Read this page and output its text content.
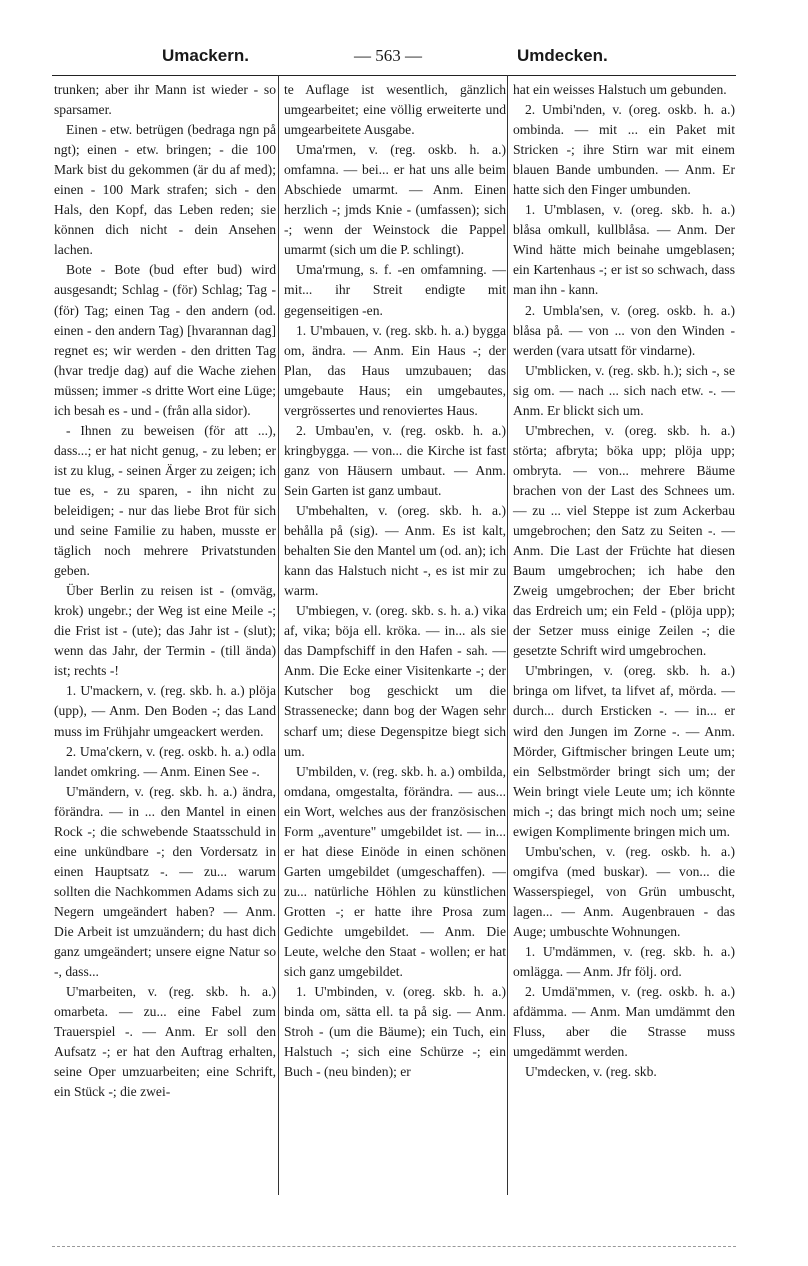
Umackern.	— 563 —	Umdecken.

trunken; aber ihr Mann ist wieder - so sparsamer.

Einen - etw. betrügen (bedraga ngn på ngt); einen - etw. bringen; - die 100 Mark bist du gekommen (är du af med); einen - 100 Mark strafen; sich - den Hals, den Kopf, das Leben reden; sie können dich nicht - dein Ansehen lachen.

Bote - Bote (bud efter bud) wird ausgesandt; Schlag - (för) Schlag; Tag - (för) Tag; einen Tag - den andern (od. einen - den andern Tag) [hvarannan dag] regnet es; wir werden - den dritten Tag (hvar tredje dag) auf die Wache ziehen müssen; immer -s dritte Wort eine Lüge; ich besah es - und - (från alla sidor).

- Ihnen zu beweisen (för att ...), dass...; er hat nicht genug, - zu leben; er ist zu klug, - seinen Ärger zu zeigen; ich tue es, - zu sparen, - ihn nicht zu beleidigen; - nur das liebe Brot für sich und seine Familie zu haben, musste er täglich noch mehrere Privatstunden geben.

Über Berlin zu reisen ist - (omväg, krok) ungebr.; der Weg ist eine Meile -; die Frist ist - (ute); das Jahr ist - (slut); wenn das Jahr, der Termin - (till ända) ist; rechts -!

1. U'mackern, v. (reg. skb. h. a.) plöja (upp), — Anm. Den Boden -; das Land muss im Frühjahr umgeackert werden.

2. Uma'ckern, v. (reg. oskb. h. a.) odla landet omkring. — Anm. Einen See -.

U'mändern, v. (reg. skb. h. a.) ändra, förändra. — in ... den Mantel in einen Rock -; die schwebende Staatsschuld in eine unkündbare -; den Vordersatz in einen Hauptsatz -. — zu... warum sollten die Nachkommen Adams sich zu Negern umgeändert haben? — Anm. Die Arbeit ist umzuändern; du hast dich ganz umgeändert; unsere eigne Natur so -, dass...

U'marbeiten, v. (reg. skb. h. a.) omarbeta. — zu... eine Fabel zum Trauerspiel -. — Anm. Er soll den Aufsatz -; er hat den Auftrag erhalten, seine Oper umzuarbeiten; eine Schrift, ein Stück -; die zwei-

te Auflage ist wesentlich, gänzlich umgearbeitet; eine völlig erweiterte und umgearbeitete Ausgabe.

Uma'rmen, v. (reg. oskb. h. a.) omfamna. — bei... er hat uns alle beim Abschiede umarmt. — Anm. Einen herzlich -; jmds Knie - (umfassen); sich -; wenn der Weinstock die Pappel umarmt (sich um die P. schlingt).

Uma'rmung, s. f. -en omfamning. — mit... ihr Streit endigte mit gegenseitigen -en.

1. U'mbauen, v. (reg. skb. h. a.) bygga om, ändra. — Anm. Ein Haus -; der Plan, das Haus umzubauen; das umgebaute Haus; ein umgebautes, vergrössertes und renoviertes Haus.

2. Umbau'en, v. (reg. oskb. h. a.) kringbygga. — von... die Kirche ist fast ganz von Häusern umbaut. — Anm. Sein Garten ist ganz umbaut.

U'mbehalten, v. (oreg. skb. h. a.) behålla på (sig). — Anm. Es ist kalt, behalten Sie den Mantel um (od. an); ich kann das Halstuch nicht -, es ist mir zu warm.

U'mbiegen, v. (oreg. skb. s. h. a.) vika af, vika; böja ell. kröka. — in... als sie das Dampfschiff in den Hafen - sah. — Anm. Die Ecke einer Visitenkarte -; der Kutscher bog geschickt um die Strassenecke; dann bog der Wagen sehr scharf um; diese Degenspitze biegt sich um.

U'mbilden, v. (reg. skb. h. a.) ombilda, omdana, omgestalta, förändra. — aus... ein Wort, welches aus der französischen Form „aventure" umgebildet ist. — in... er hat diese Einöde in einen schönen Garten umgebildet (umgeschaffen). — zu... natürliche Höhlen zu künstlichen Grotten -; er hatte ihre Prosa zum Gedichte umgebildet. — Anm. Die Leute, welche den Staat - wollen; er hat sich ganz umgebildet.

1. U'mbinden, v. (oreg. skb. h. a.) binda om, sätta ell. ta på sig. — Anm. Stroh - (um die Bäume); ein Tuch, ein Halstuch -; sich eine Schürze -; ein Buch - (neu binden); er

hat ein weisses Halstuch um gebunden.

2. Umbi'nden, v. (oreg. oskb. h. a.) ombinda. — mit ... ein Paket mit Stricken -; ihre Stirn war mit einem blauen Bande umbunden. — Anm. Er hatte sich den Finger umbunden.

1. U'mblasen, v. (oreg. skb. h. a.) blåsa omkull, kullblåsa. — Anm. Der Wind hätte mich beinahe umgeblasen; ein Kartenhaus -; er ist so schwach, dass man ihn - kann.

2. Umbla'sen, v. (oreg. oskb. h. a.) blåsa på. — von ... von den Winden - werden (vara utsatt för vindarne).

U'mblicken, v. (reg. skb. h.); sich -, se sig om. — nach ... sich nach etw. -. — Anm. Er blickt sich um.

U'mbrechen, v. (oreg. skb. h. a.) störta; afbryta; böka upp; plöja upp; ombryta. — von... mehrere Bäume brachen von der Last des Schnees um. — zu ... viel Steppe ist zum Ackerbau umgebrochen; den Satz zu Seiten -. — Anm. Die Last der Früchte hat diesen Baum umgebrochen; ich habe den Zweig umgebrochen; der Eber bricht das Erdreich um; ein Feld - (plöja upp); der Setzer muss einige Zeilen -; die gesetzte Schrift wird umgebrochen.

U'mbringen, v. (oreg. skb. h. a.) bringa om lifvet, ta lifvet af, mörda. — durch... durch Ersticken -. — in... er wird den Jungen im Zorne -. — Anm. Mörder, Giftmischer bringen Leute um; ein Selbstmörder bringt sich um; der Wein bringt viele Leute um; ich könnte mich -; das bringt mich noch um; seine ewigen Komplimente bringen mich um.

Umbu'schen, v. (reg. oskb. h. a.) omgifva (med buskar). — von... die Wasserspiegel, von Grün umbuscht, lagen... — Anm. Augenbrauen - das Auge; umbuschte Wohnungen.

1. U'mdämmen, v. (reg. skb. h. a.) omlägga. — Anm. Jfr följ. ord.

2. Umdä'mmen, v. (reg. oskb. h. a.) afdämma. — Anm. Man umdämmt den Fluss, aber die Strasse muss umgedämmt werden.

U'mdecken, v. (reg. skb.
